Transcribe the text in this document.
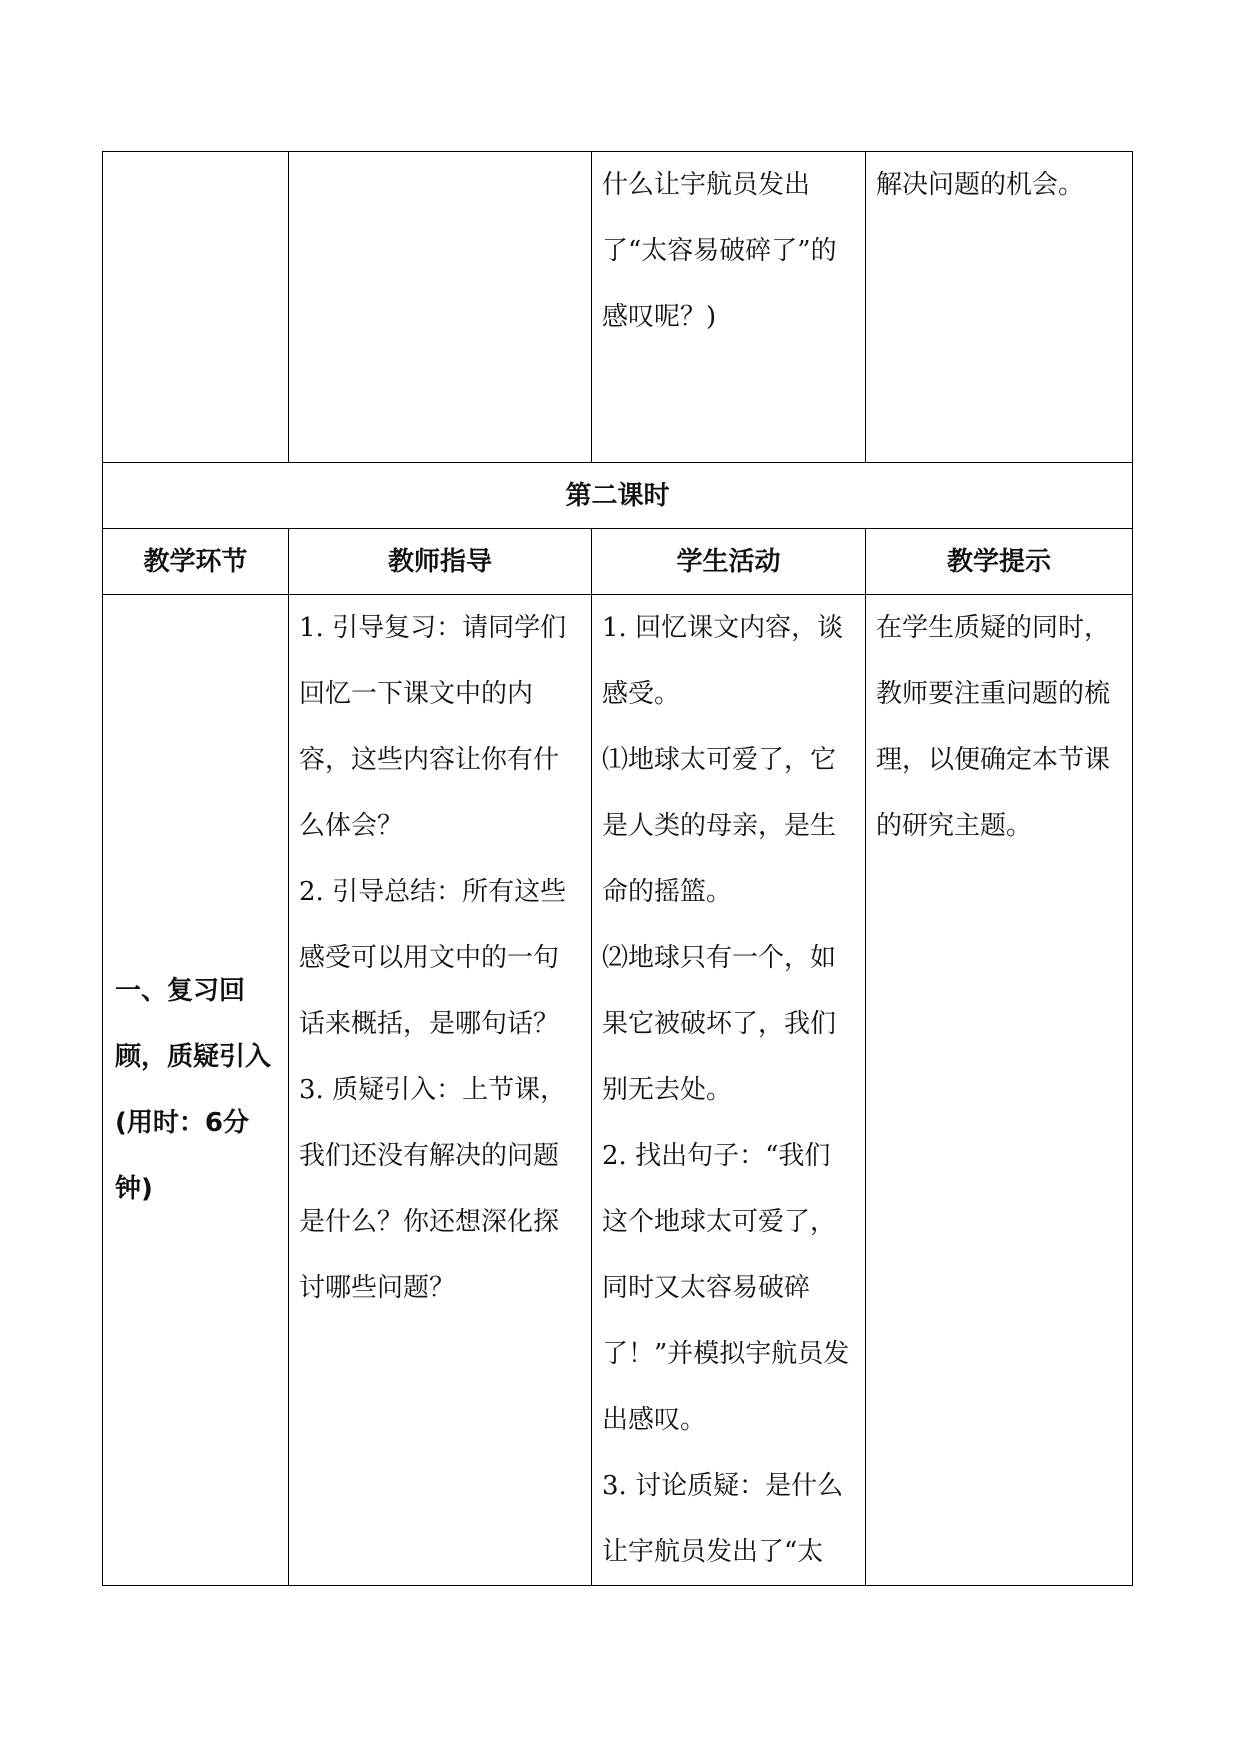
		什么让宇航员发出了“太容易破碎了”的感叹呢？)	解决问题的机会。
第二课时			
教学环节	教师指导	学生活动	教学提示
一、复习回顾，质疑引入(用时：6分钟)	1. 引导复习：请同学们回忆一下课文中的内容，这些内容让你有什么体会？
2. 引导总结：所有这些感受可以用文中的一句话来概括，是哪句话？
3. 质疑引入：上节课，我们还没有解决的问题是什么？你还想深化探讨哪些问题？	1. 回忆课文内容，谈感受。
⑴地球太可爱了，它是人类的母亲，是生命的摇篮。
⑵地球只有一个，如果它被破坏了，我们别无去处。
2. 找出句子：“我们这个地球太可爱了，同时又太容易破碎了！”并模拟宇航员发出感叹。
3. 讨论质疑：是什么让宇航员发出了“太	在学生质疑的同时，教师要注重问题的梳理，以便确定本节课的研究主题。
